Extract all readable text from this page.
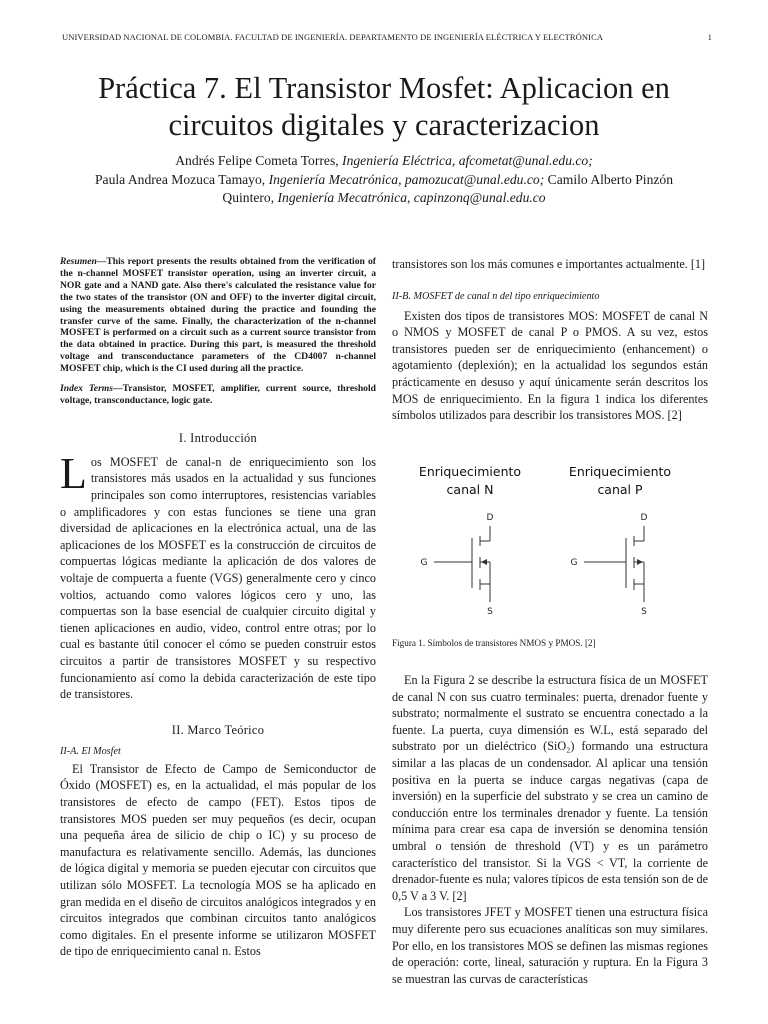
UNIVERSIDAD NACIONAL DE COLOMBIA. FACULTAD DE INGENIERÍA. DEPARTAMENTO DE INGENIERÍA ELÉCTRICA Y ELECTRÓNICA	1
Práctica 7. El Transistor Mosfet: Aplicacion en
circuitos digitales y caracterizacion
Andrés Felipe Cometa Torres, Ingeniería Eléctrica, afcometat@unal.edu.co;
Paula Andrea Mozuca Tamayo, Ingeniería Mecatrónica, pamozucat@unal.edu.co; Camilo Alberto Pinzón
Quintero, Ingeniería Mecatrónica, capinzonq@unal.edu.co

Resumen—This report presents the results obtained from the verification of the n-channel MOSFET transistor operation, using an inverter circuit, a NOR gate and a NAND gate. Also there's calculated the resistance value for the two states of the transistor (ON and OFF) to the inverter digital circuit, using the measurements obtained during the practice and founding the transfer curve of the same. Finally, the characterization of the n-channel MOSFET is performed on a circuit such as a current source transistor from the data obtained in practice. During this part, is measured the threshold voltage and transconductance parameters of the CD4007 n-channel MOSFET chip, which is the CI used during all the practice.

Index Terms—Transistor, MOSFET, amplifier, current source, threshold voltage, transconductance, logic gate.

I. Introducción

Los MOSFET de canal-n de enriquecimiento son los transistores más usados en la actualidad y sus funciones principales son como interruptores, resistencias variables o amplificadores y con estas funciones se tiene una gran diversidad de aplicaciones en la electrónica actual, una de las aplicaciones de los MOSFET es la construcción de circuitos de compuertas lógicas mediante la aplicación de dos valores de voltaje de compuerta a fuente (VGS) generalmente cero y cinco voltios, actuando como valores lógicos cero y uno, las compuertas son la base esencial de cualquier circuito digital y tienen aplicaciones en audio, video, control entre otras; por lo cual es bastante útil conocer el cómo se pueden construir estos circuitos a partir de transistores MOSFET y su respectivo funcionamiento así como la debida caracterización de este tipo de transistores.

II. Marco Teórico

II-A. El Mosfet

El Transistor de Efecto de Campo de Semiconductor de Óxido (MOSFET) es, en la actualidad, el más popular de los transistores de efecto de campo (FET). Estos tipos de transistores MOS pueden ser muy pequeños (es decir, ocupan una pequeña área de silicio de chip o IC) y su proceso de manufactura es relativamente sencillo. Además, las dunciones de lógica digital y memoria se pueden ejecutar con circuitos que utilizan sólo MOSFET. La tecnología MOS se ha aplicado en gran medida en el diseño de circuitos analógicos integrados y en circuitos integrados que combinan circuitos tanto analógicos como digitales. En el presente informe se utilizaron MOSFET de tipo de enriquecimiento canal n. Estos

transistores son los más comunes e importantes actualmente. [1]

II-B. MOSFET de canal n del tipo enriquecimiento

Existen dos tipos de transistores MOS: MOSFET de canal N o NMOS y MOSFET de canal P o PMOS. A su vez, estos transistores pueden ser de enriquecimiento (enhancement) o agotamiento (deplexión); en la actualidad los segundos están prácticamente en desuso y aquí únicamente serán descritos los MOS de enriquecimiento. En la figura 1 indica los diferentes símbolos utilizados para describir los transistores MOS. [2]

Enriquecimiento
canal N
Enriquecimiento
canal P
D
G
S
D
G
S
Figura 1. Símbolos de transistores NMOS y PMOS. [2]

En la Figura 2 se describe la estructura física de un MOSFET de canal N con sus cuatro terminales: puerta, drenador fuente y substrato; normalmente el sustrato se encuentra conectado a la fuente. La puerta, cuya dimensión es W.L, está separado del substrato por un dieléctrico (SiO₂) formando una estructura similar a las placas de un condensador. Al aplicar una tensión positiva en la puerta se induce cargas negativas (capa de inversión) en la superficie del substrato y se crea un camino de conducción entre los terminales drenador y fuente. La tensión mínima para crear esa capa de inversión se denomina tensión umbral o tensión de threshold (VT) y es un parámetro característico del transistor. Si la VGS < VT, la corriente de drenador-fuente es nula; valores típicos de esta tensión son de de 0,5 V a 3 V. [2]

Los transistores JFET y MOSFET tienen una estructura física muy diferente pero sus ecuaciones analíticas son muy similares. Por ello, en los transistores MOS se definen las mismas regiones de operación: corte, lineal, saturación y ruptura. En la Figura 3 se muestran las curvas de características
